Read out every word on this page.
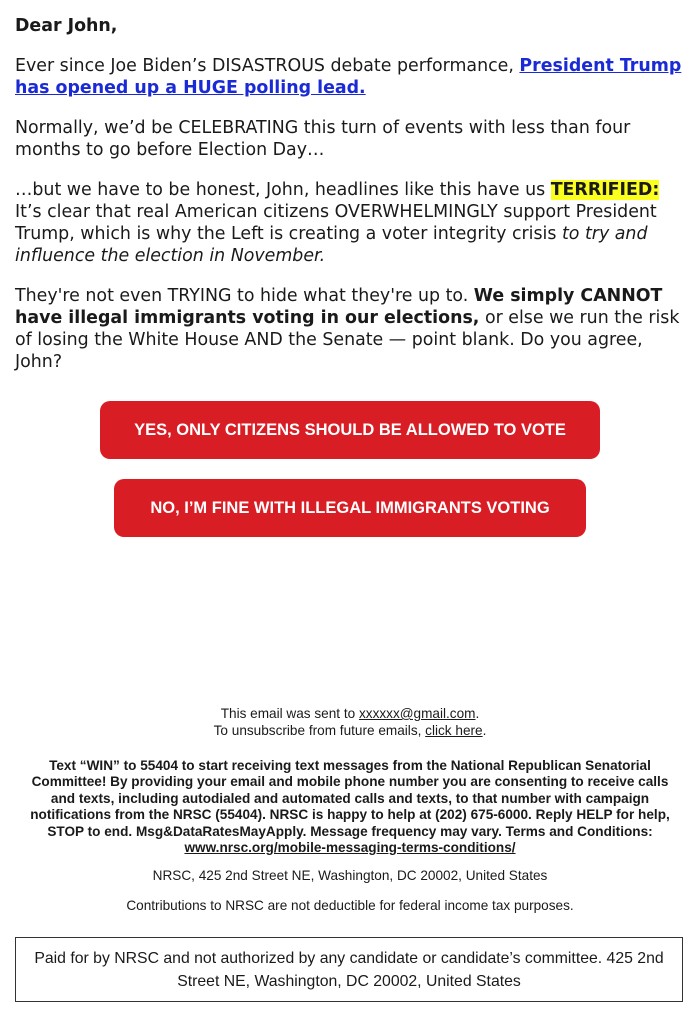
Dear John,

Ever since Joe Biden’s DISASTROUS debate performance, President Trump has opened up a HUGE polling lead.

Normally, we’d be CELEBRATING this turn of events with less than four months to go before Election Day…

…but we have to be honest, John, headlines like this have us TERRIFIED: It’s clear that real American citizens OVERWHELMINGLY support President Trump, which is why the Left is creating a voter integrity crisis to try and influence the election in November.

They're not even TRYING to hide what they're up to. We simply CANNOT have illegal immigrants voting in our elections, or else we run the risk of losing the White House AND the Senate — point blank. Do you agree, John?

YES, ONLY CITIZENS SHOULD BE ALLOWED TO VOTE
NO, I’M FINE WITH ILLEGAL IMMIGRANTS VOTING
This email was sent to xxxxxx@gmail.com.
To unsubscribe from future emails, click here.
Text “WIN” to 55404 to start receiving text messages from the National Republican Senatorial Committee! By providing your email and mobile phone number you are consenting to receive calls and texts, including autodialed and automated calls and texts, to that number with campaign notifications from the NRSC (55404). NRSC is happy to help at (202) 675-6000. Reply HELP for help, STOP to end. Msg&DataRatesMayApply. Message frequency may vary. Terms and Conditions: www.nrsc.org/mobile-messaging-terms-conditions/
NRSC, 425 2nd Street NE, Washington, DC 20002, United States
Contributions to NRSC are not deductible for federal income tax purposes.
Paid for by NRSC and not authorized by any candidate or candidate’s committee. 425 2nd Street NE, Washington, DC 20002, United States
